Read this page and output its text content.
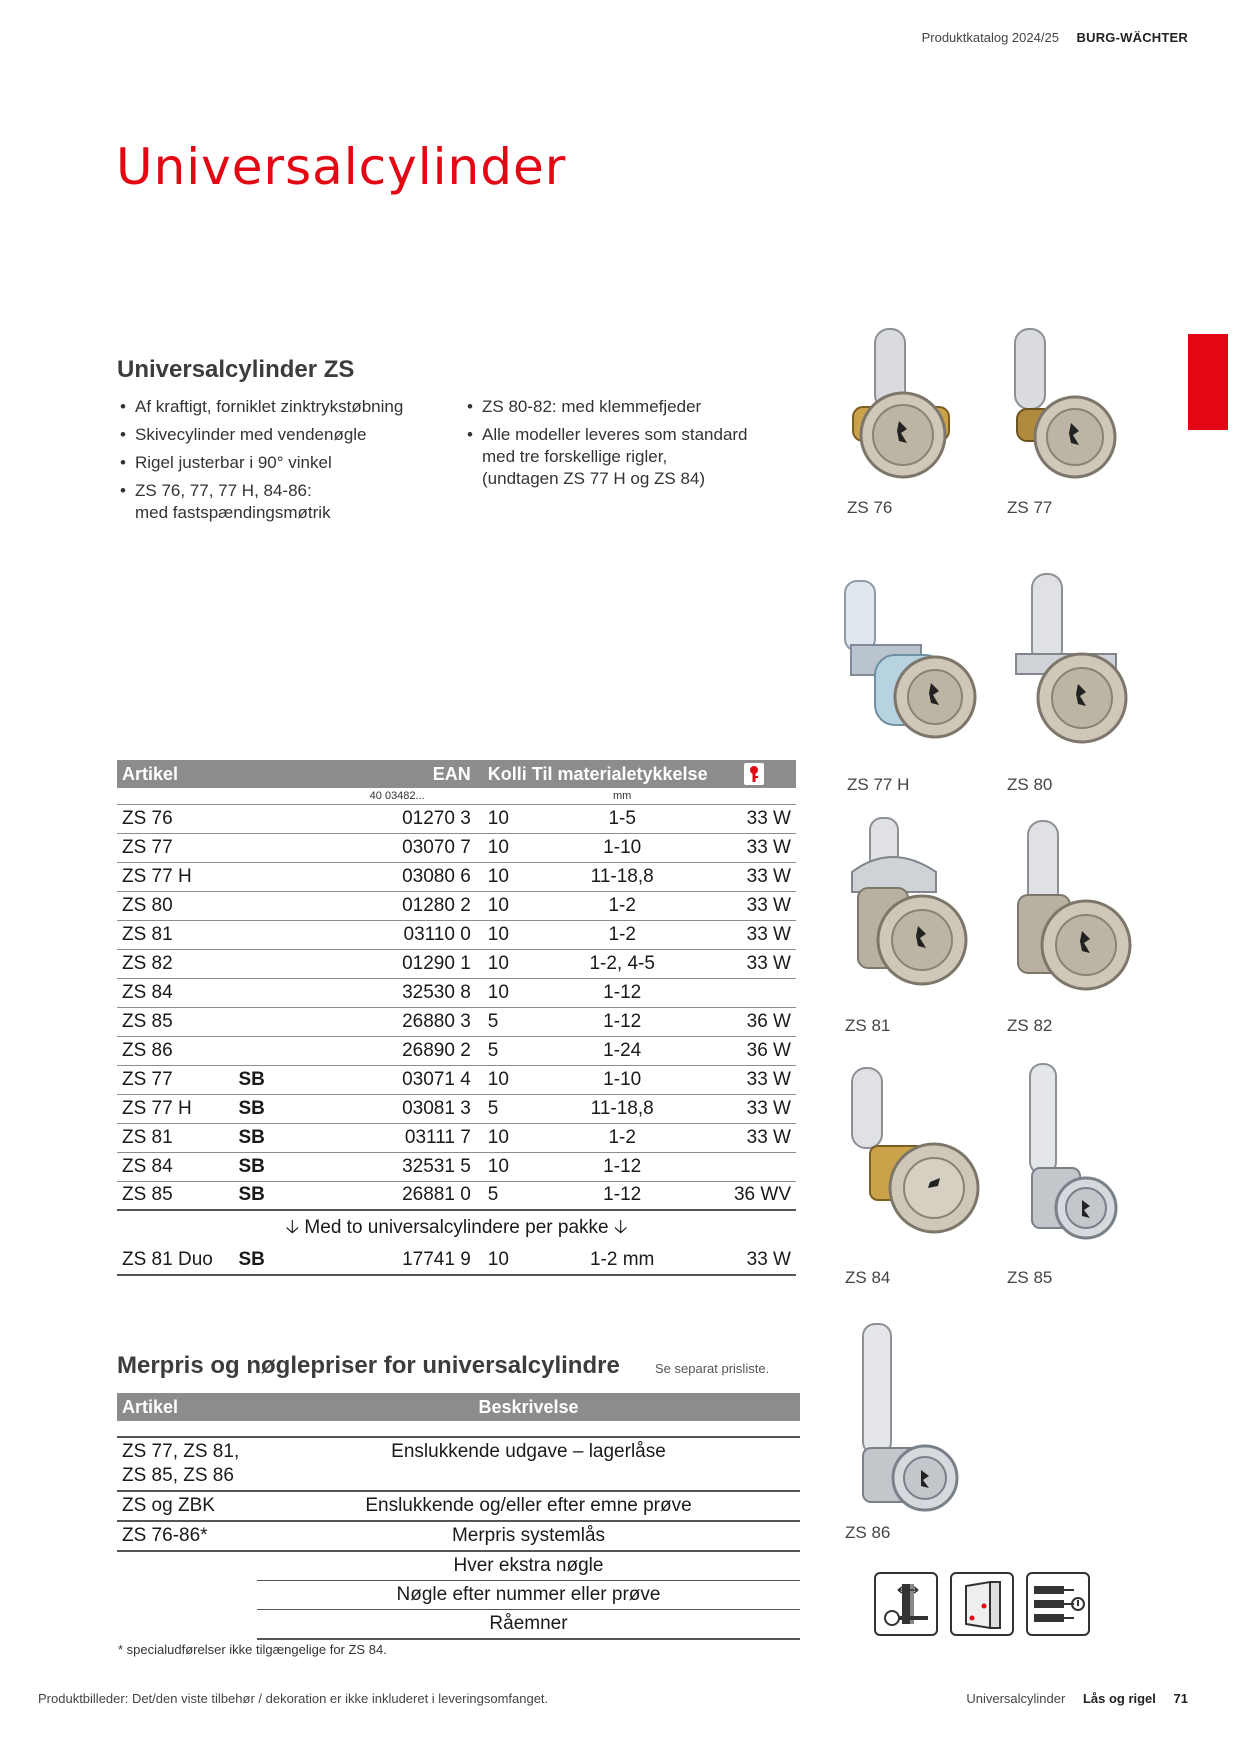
Produktkatalog 2024/25 BURG-WÄCHTER
Universalcylinder
Universalcylinder ZS
• Af kraftigt, forniklet zinktrykstøbning
• Skivecylinder med vendenøgle
• Rigel justerbar i 90° vinkel
• ZS 76, 77, 77 H, 84-86:
med fastspændingsmøtrik
• ZS 80-82: med klemmefjeder
• Alle modeller leveres som standard
med tre forskellige rigler,
(undtagen ZS 77 H og ZS 84)
ZS 76	ZS 77
ZS 77 H	ZS 80
ZS 81	ZS 82
ZS 84	ZS 85
ZS 86
Artikel		EAN	Kolli	Til materialetykkelse	

		40 03482...		mm	
ZS 76		01270 3	10	1-5	33 W
ZS 77		03070 7	10	1-10	33 W
ZS 77 H		03080 6	10	11-18,8	33 W
ZS 80		01280 2	10	1-2	33 W
ZS 81		03110 0	10	1-2	33 W
ZS 82		01290 1	10	1-2, 4-5	33 W
ZS 84		32530 8	10	1-12	
ZS 85		26880 3	5	1-12	36 W
ZS 86		26890 2	5	1-24	36 W
ZS 77	SB	03071 4	10	1-10	33 W
ZS 77 H	SB	03081 3	5	11-18,8	33 W
ZS 81	SB	03111 7	10	1-2	33 W
ZS 84	SB	32531 5	10	1-12	
ZS 85	SB	26881 0	5	1-12	36 WV
🡣 Med to universalcylindere per pakke 🡣					
ZS 81 Duo	SB	17741 9	10	1-2 mm	33 W
Merpris og nøglepriser for universalcylindre	Se separat prisliste.
Artikel	Beskrivelse

ZS 77, ZS 81,
ZS 85, ZS 86	Enslukkende udgave – lagerlåse
ZS og ZBK	Enslukkende og/eller efter emne prøve
ZS 76-86*	Merpris systemlås
	Hver ekstra nøgle
	Nøgle efter nummer eller prøve
	Råemner
* specialudførelser ikke tilgængelige for ZS 84.
Produktbilleder: Det/den viste tilbehør / dekoration er ikke inkluderet i leveringsomfanget.	Universalcylinder Lås og rigel 71
